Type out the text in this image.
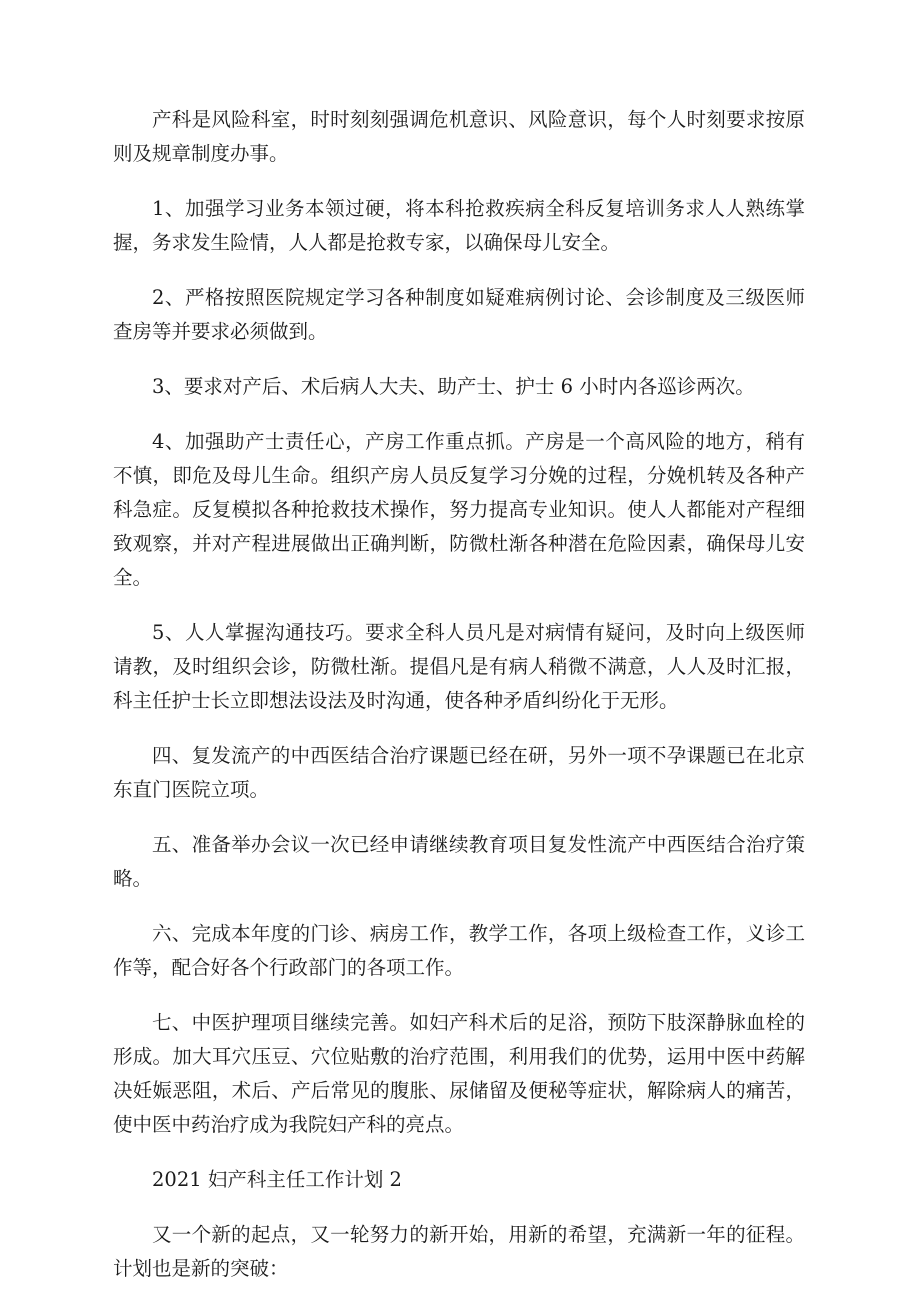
产科是风险科室，时时刻刻强调危机意识、风险意识，每个人时刻要求按原则及规章制度办事。

1、加强学习业务本领过硬，将本科抢救疾病全科反复培训务求人人熟练掌握，务求发生险情，人人都是抢救专家，以确保母儿安全。

2、严格按照医院规定学习各种制度如疑难病例讨论、会诊制度及三级医师查房等并要求必须做到。

3、要求对产后、术后病人大夫、助产士、护士 6 小时内各巡诊两次。

4、加强助产士责任心，产房工作重点抓。产房是一个高风险的地方，稍有不慎，即危及母儿生命。组织产房人员反复学习分娩的过程，分娩机转及各种产科急症。反复模拟各种抢救技术操作，努力提高专业知识。使人人都能对产程细致观察，并对产程进展做出正确判断，防微杜渐各种潜在危险因素，确保母儿安全。

5、人人掌握沟通技巧。要求全科人员凡是对病情有疑问，及时向上级医师请教，及时组织会诊，防微杜渐。提倡凡是有病人稍微不满意，人人及时汇报，科主任护士长立即想法设法及时沟通，使各种矛盾纠纷化于无形。

四、复发流产的中西医结合治疗课题已经在研，另外一项不孕课题已在北京东直门医院立项。

五、准备举办会议一次已经申请继续教育项目复发性流产中西医结合治疗策略。

六、完成本年度的门诊、病房工作，教学工作，各项上级检查工作，义诊工作等，配合好各个行政部门的各项工作。

七、中医护理项目继续完善。如妇产科术后的足浴，预防下肢深静脉血栓的形成。加大耳穴压豆、穴位贴敷的治疗范围，利用我们的优势，运用中医中药解决妊娠恶阻，术后、产后常见的腹胀、尿储留及便秘等症状，解除病人的痛苦，使中医中药治疗成为我院妇产科的亮点。

2021 妇产科主任工作计划 2

又一个新的起点，又一轮努力的新开始，用新的希望，充满新一年的征程。计划也是新的突破：
